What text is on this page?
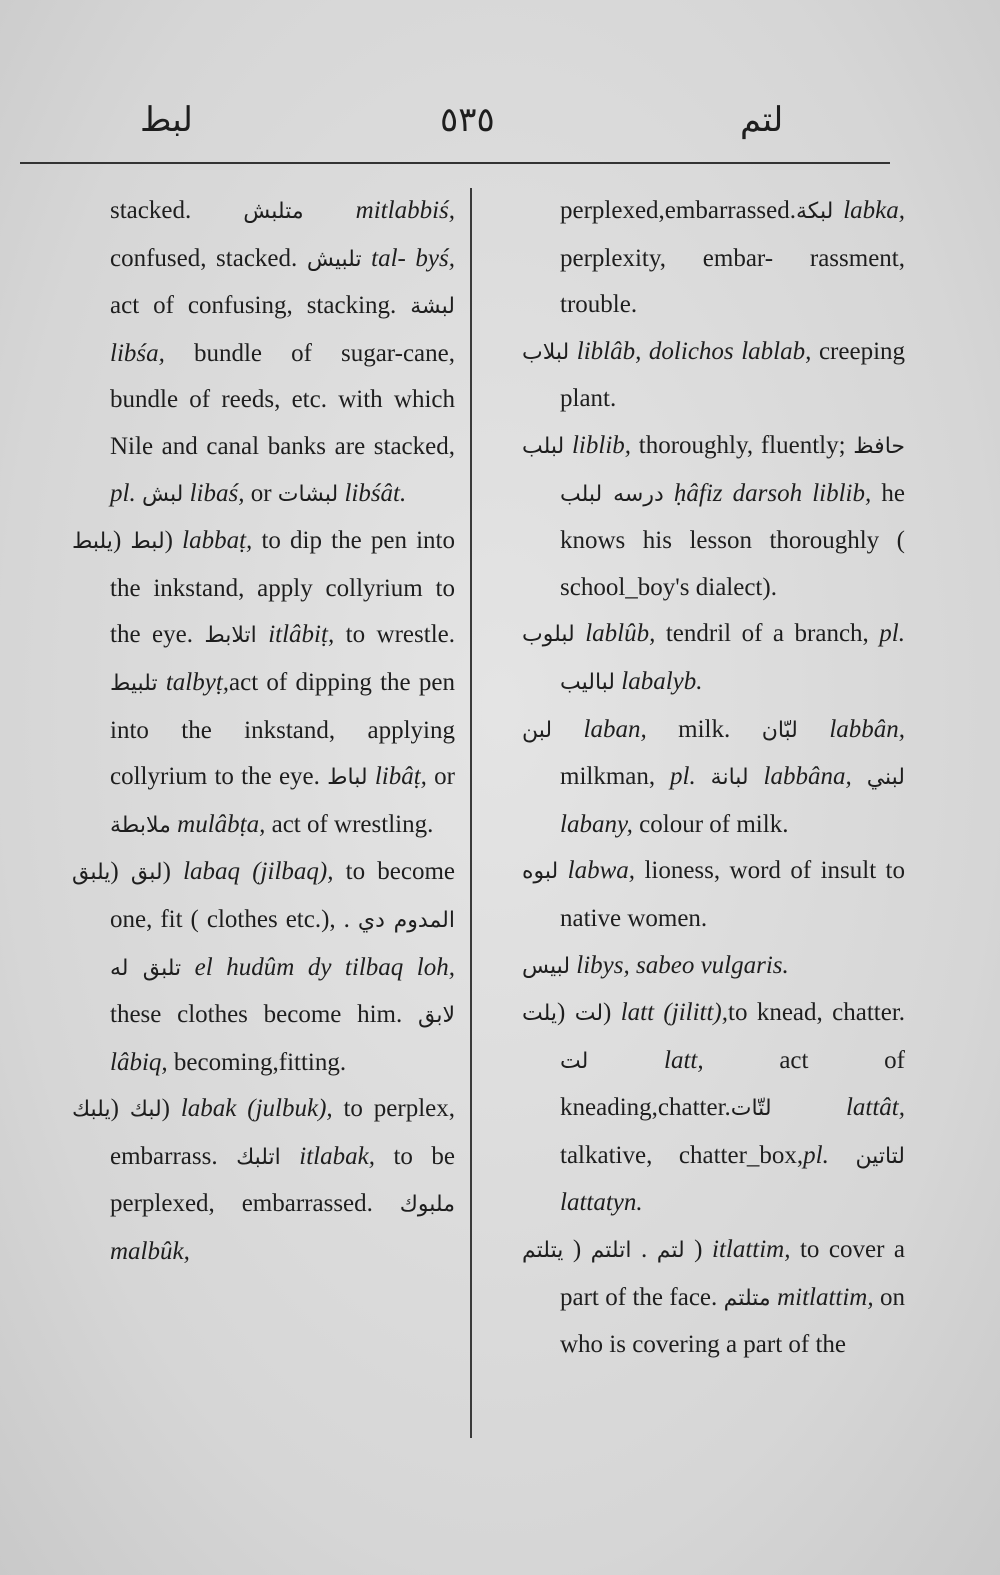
لبط	٥٣٥	لتم

stacked. متلبش mitlabbiś, confused, stacked. تلبيش tal- byś, act of confusing, stacking. لبشة libśa, bundle of sugar-cane, bundle of reeds, etc. with which Nile and canal banks are stacked, pl. لبش libaś, or لبشات libśât.

لبط (يلبط ) labbaṭ, to dip the pen into the inkstand, apply collyrium to the eye. اتلابط itlâbiṭ, to wrestle. تلبيط talbyṭ,act of dipping the pen into the inkstand, applying collyrium to the eye. لباط libâṭ, or ملابطة mulâbṭa, act of wrestling.

لبق (يلبق ) labaq (jilbaq), to become one, fit ( clothes etc.), . المدوم دي تلبق له el hudûm dy tilbaq loh, these clothes become him. لابق lâbiq, becoming,fitting.

لبك (يلبك ) labak (julbuk), to perplex, embarrass. اتلبك itlabak, to be perplexed, embarrassed. ملبوك malbûk,

perplexed,embarrassed.لبكة labka, perplexity, embar- rassment, trouble.

لبلاب liblâb, dolichos lablab, creeping plant.

لبلب liblib, thoroughly, fluently; حافظ درسه لبلب ḥâfiz darsoh liblib, he knows his lesson thoroughly ( school_boy's dialect).

لبلوب lablûb, tendril of a branch, pl. لباليب labalyb.

لبن laban, milk. لبّان labbân, milkman, pl. لبانة labbâna, لبني labany, colour of milk.

لبوه labwa, lioness, word of insult to native women.

لبيس libys, sabeo vulgaris.

لت (يلت ) latt (jilitt),to knead, chatter. لت latt, act of kneading,chatter.لتّات lattât, talkative, chatter_box,pl. لتاتين lattatyn.

لتم . اتلتم ( يتلتم	) itlattim, to cover a part of the face. متلتم mitlattim, on who is covering a part of the
